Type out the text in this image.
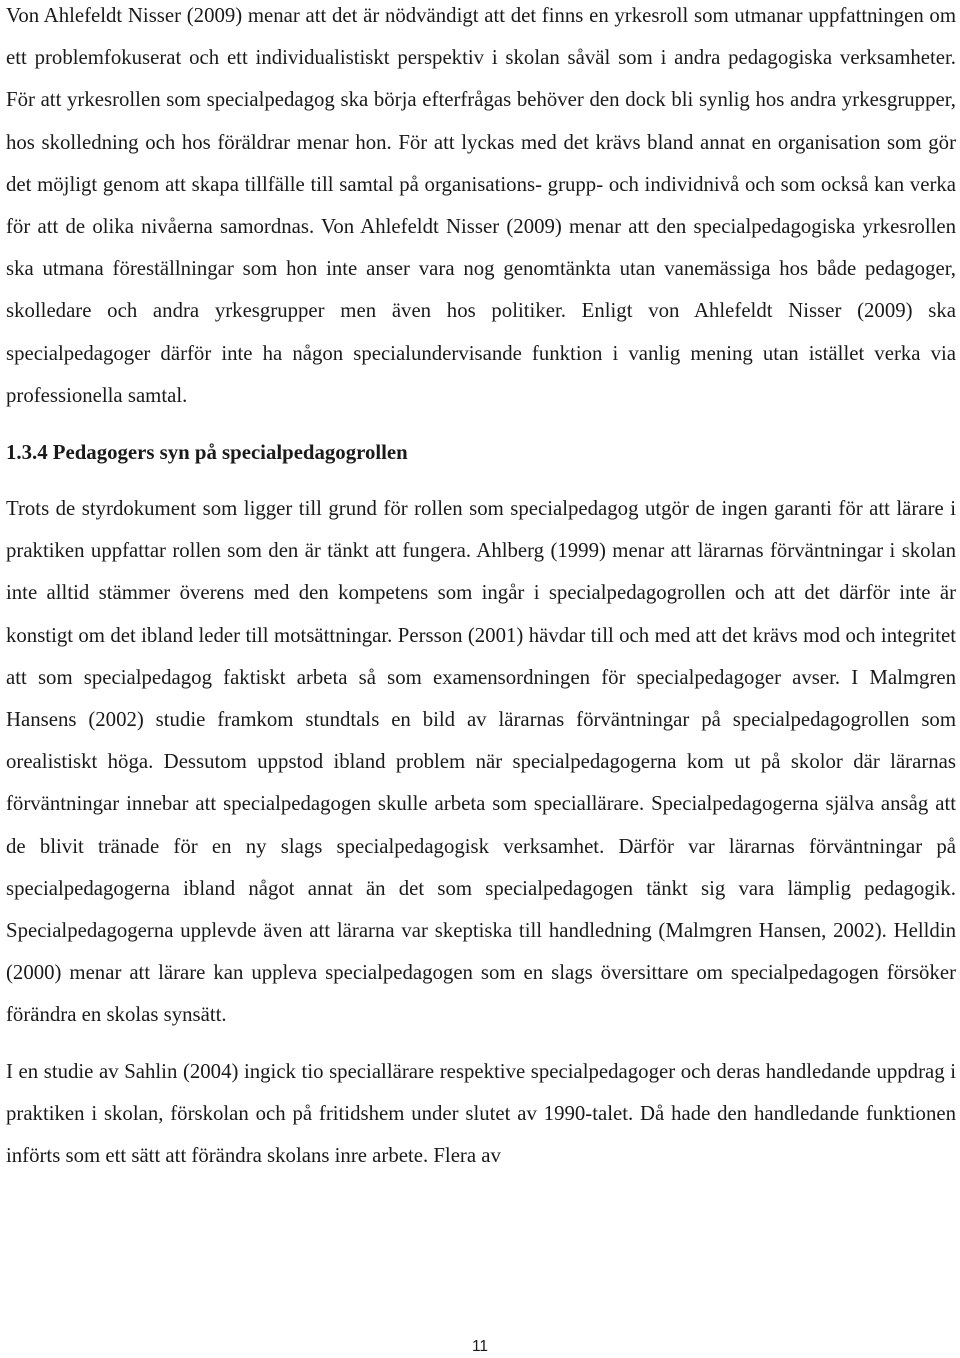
Von Ahlefeldt Nisser (2009) menar att det är nödvändigt att det finns en yrkesroll som utmanar uppfattningen om ett problemfokuserat och ett individualistiskt perspektiv i skolan såväl som i andra pedagogiska verksamheter. För att yrkesrollen som specialpedagog ska börja efterfrågas behöver den dock bli synlig hos andra yrkesgrupper, hos skolledning och hos föräldrar menar hon. För att lyckas med det krävs bland annat en organisation som gör det möjligt genom att skapa tillfälle till samtal på organisations- grupp- och individnivå och som också kan verka för att de olika nivåerna samordnas. Von Ahlefeldt Nisser (2009) menar att den specialpedagogiska yrkesrollen ska utmana föreställningar som hon inte anser vara nog genomtänkta utan vanemässiga hos både pedagoger, skolledare och andra yrkesgrupper men även hos politiker. Enligt von Ahlefeldt Nisser (2009) ska specialpedagoger därför inte ha någon specialundervisande funktion i vanlig mening utan istället verka via professionella samtal.

1.3.4 Pedagogers syn på specialpedagogrollen

Trots de styrdokument som ligger till grund för rollen som specialpedagog utgör de ingen garanti för att lärare i praktiken uppfattar rollen som den är tänkt att fungera. Ahlberg (1999) menar att lärarnas förväntningar i skolan inte alltid stämmer överens med den kompetens som ingår i specialpedagogrollen och att det därför inte är konstigt om det ibland leder till motsättningar. Persson (2001) hävdar till och med att det krävs mod och integritet att som specialpedagog faktiskt arbeta så som examensordningen för specialpedagoger avser. I Malmgren Hansens (2002) studie framkom stundtals en bild av lärarnas förväntningar på specialpedagogrollen som orealistiskt höga. Dessutom uppstod ibland problem när specialpedagogerna kom ut på skolor där lärarnas förväntningar innebar att specialpedagogen skulle arbeta som speciallärare. Specialpedagogerna själva ansåg att de blivit tränade för en ny slags specialpedagogisk verksamhet. Därför var lärarnas förväntningar på specialpedagogerna ibland något annat än det som specialpedagogen tänkt sig vara lämplig pedagogik. Specialpedagogerna upplevde även att lärarna var skeptiska till handledning (Malmgren Hansen, 2002). Helldin (2000) menar att lärare kan uppleva specialpedagogen som en slags översittare om specialpedagogen försöker förändra en skolas synsätt.

I en studie av Sahlin (2004) ingick tio speciallärare respektive specialpedagoger och deras handledande uppdrag i praktiken i skolan, förskolan och på fritidshem under slutet av 1990-talet. Då hade den handledande funktionen införts som ett sätt att förändra skolans inre arbete. Flera av

11
